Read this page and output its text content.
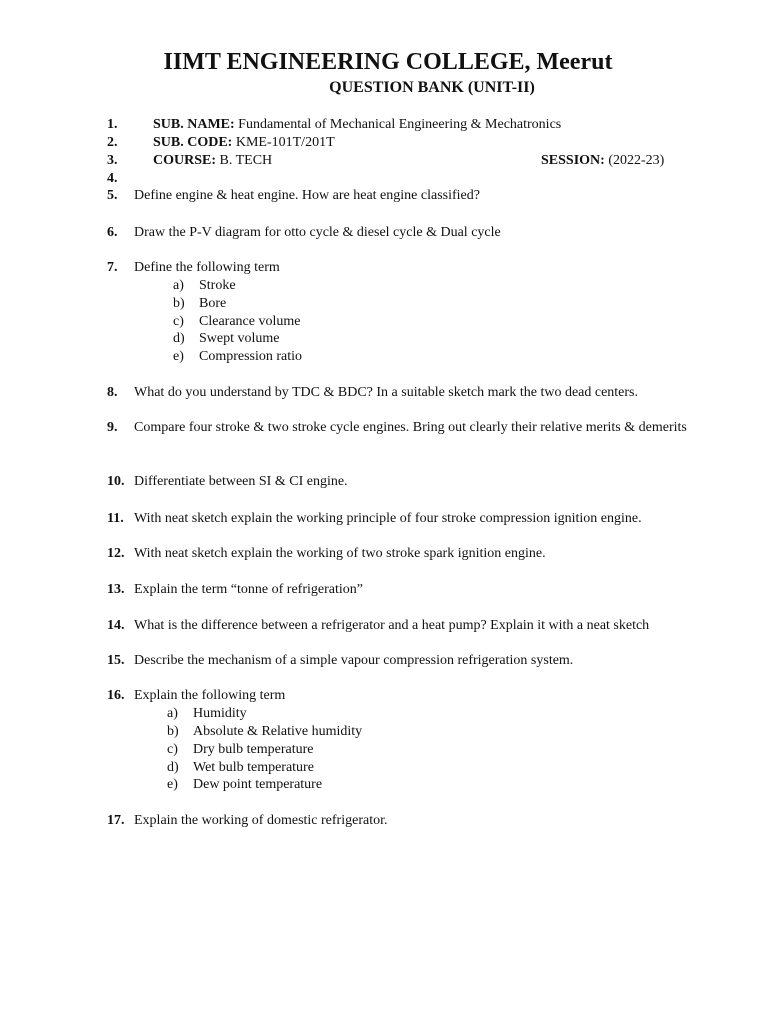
IIMT ENGINEERING COLLEGE, Meerut
QUESTION BANK (UNIT-II)
1.	SUB. NAME: Fundamental of Mechanical Engineering & Mechatronics
2.	SUB. CODE: KME-101T/201T
3.	COURSE: B. TECH	SESSION: (2022-23)
4.
5. Define engine & heat engine. How are heat engine classified?
6. Draw the P-V diagram for otto cycle & diesel cycle & Dual cycle
7. Define the following term
a) Stroke
b) Bore
c) Clearance volume
d) Swept volume
e) Compression ratio
8. What do you understand by TDC & BDC? In a suitable sketch mark the two dead centers.
9. Compare four stroke & two stroke cycle engines. Bring out clearly their relative merits & demerits
10. Differentiate between SI & CI engine.
11. With neat sketch explain the working principle of four stroke compression ignition engine.
12. With neat sketch explain the working of two stroke spark ignition engine.
13. Explain the term “tonne of refrigeration”
14. What is the difference between a refrigerator and a heat pump? Explain it with a neat sketch
15. Describe the mechanism of a simple vapour compression refrigeration system.
16. Explain the following term
a) Humidity
b) Absolute & Relative humidity
c) Dry bulb temperature
d) Wet bulb temperature
e) Dew point temperature
17. Explain the working of domestic refrigerator.
